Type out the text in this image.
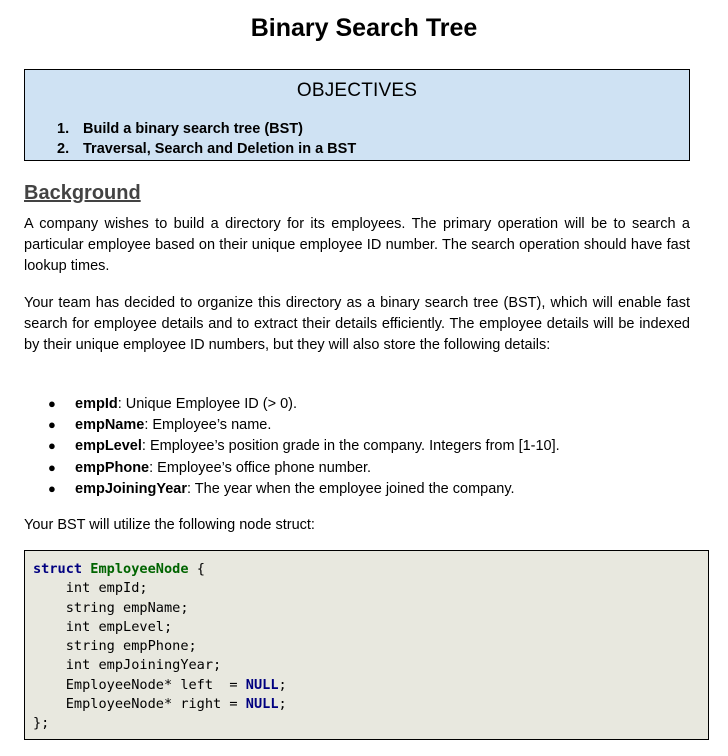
Binary Search Tree
OBJECTIVES
1. Build a binary search tree (BST)
2. Traversal, Search and Deletion in a BST
Background
A company wishes to build a directory for its employees. The primary operation will be to search a particular employee based on their unique employee ID number. The search operation should have fast lookup times.
Your team has decided to organize this directory as a binary search tree (BST), which will enable fast search for employee details and to extract their details efficiently. The employee details will be indexed by their unique employee ID numbers, but they will also store the following details:
● empId: Unique Employee ID (> 0).
● empName: Employee’s name.
● empLevel: Employee’s position grade in the company. Integers from [1-10].
● empPhone: Employee’s office phone number.
● empJoiningYear: The year when the employee joined the company.
Your BST will utilize the following node struct:
struct EmployeeNode {
int empId;
string empName;
int empLevel;
string empPhone;
int empJoiningYear;
EmployeeNode* left  = NULL;
EmployeeNode* right = NULL;
};
